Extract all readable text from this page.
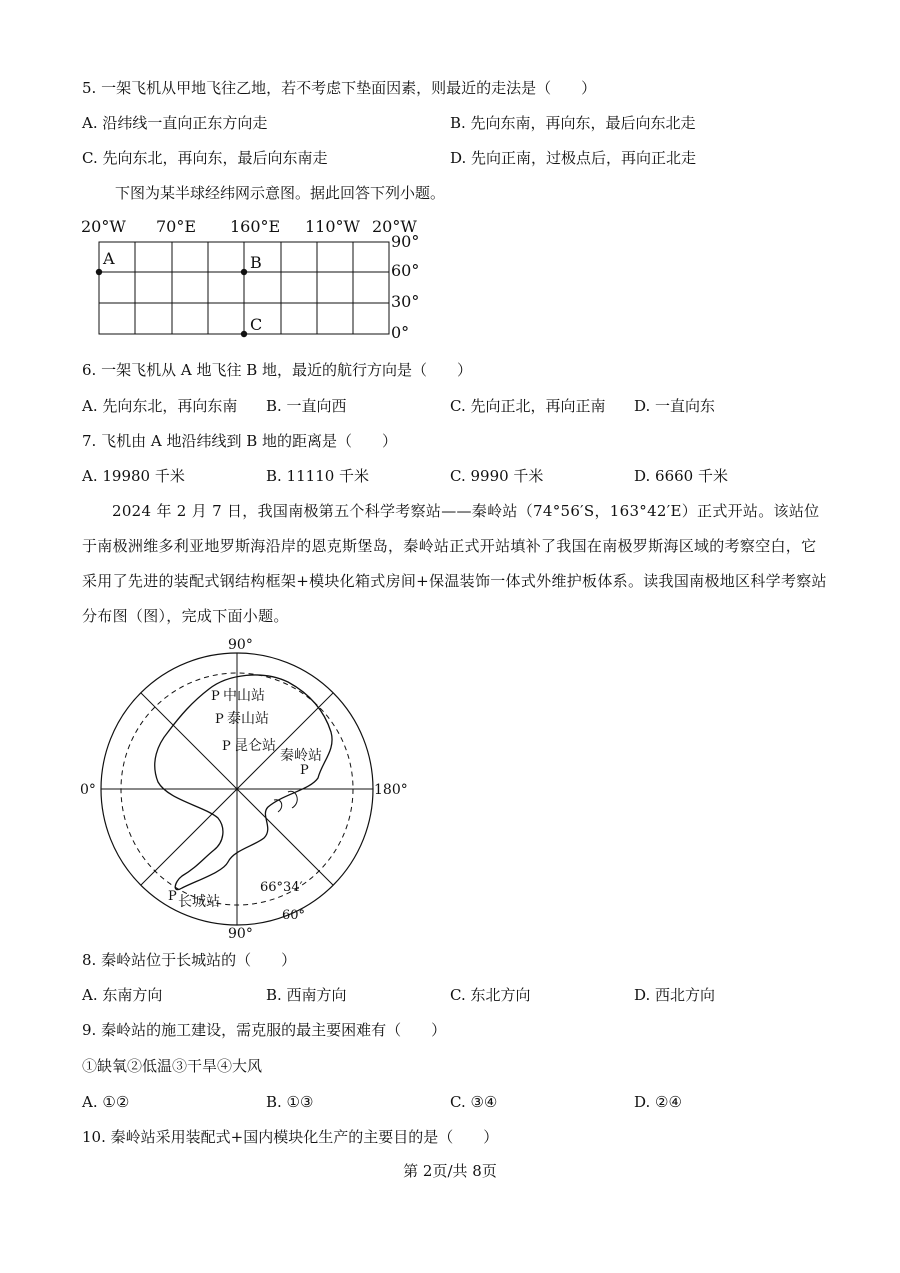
5. 一架飞机从甲地飞往乙地，若不考虑下垫面因素，则最近的走法是（　　）
A. 沿纬线一直向正东方向走	B. 先向东南，再向东，最后向东北走
C. 先向东北，再向东，最后向东南走	D. 先向正南，过极点后，再向正北走
下图为某半球经纬网示意图。据此回答下列小题。
20°W 70°E 160°E 110°W 20°W
90°
60°
30°
0°
A	B
C
6. 一架飞机从 A 地飞往 B 地，最近的航行方向是（　　）
A. 先向东北，再向东南 B. 一直向西	C. 先向正北，再向正南 D. 一直向东
7. 飞机由 A 地沿纬线到 B 地的距离是（　　）
A. 19980 千米	B. 11110 千米	C. 9990 千米	D. 6660 千米
2024 年 2 月 7 日，我国南极第五个科学考察站——秦岭站（74°56′S，163°42′E）正式开站。该站位于南极洲维多利亚地罗斯海沿岸的恩克斯堡岛，秦岭站正式开站填补了我国在南极罗斯海区域的考察空白，它采用了先进的装配式钢结构框架+模块化箱式房间+保温装饰一体式外维护板体系。读我国南极地区科学考察站分布图（图），完成下面小题。
90°
90°
0°	180°
P 中山站
P 泰山站
P 昆仑站
秦岭站
P
P 长城站
66°34′
60°
8. 秦岭站位于长城站的（　　）
A. 东南方向	B. 西南方向	C. 东北方向	D. 西北方向
9. 秦岭站的施工建设，需克服的最主要困难有（　　）
①缺氧②低温③干旱④大风
A. ①②	B. ①③	C. ③④	D. ②④
10. 秦岭站采用装配式+国内模块化生产的主要目的是（　　）
第 2页/共 8页
